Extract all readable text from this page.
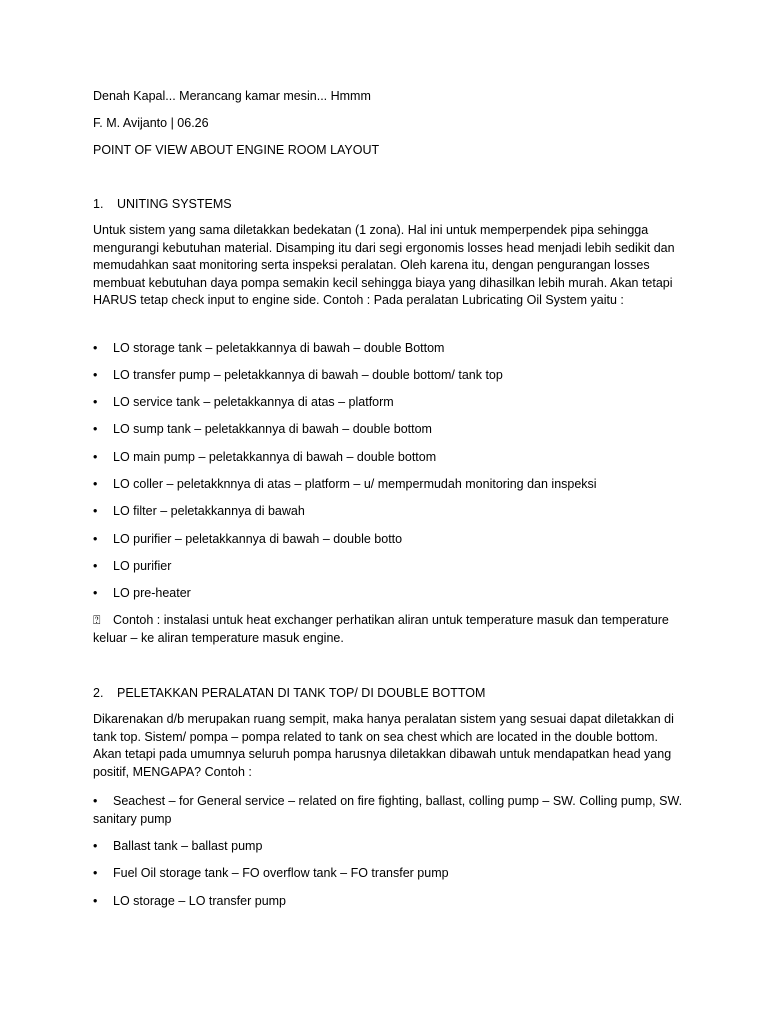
Denah Kapal... Merancang kamar mesin... Hmmm
F. M. Avijanto | 06.26
POINT OF VIEW ABOUT ENGINE ROOM LAYOUT
1. UNITING SYSTEMS
Untuk sistem yang sama diletakkan bedekatan (1 zona). Hal ini untuk memperpendek pipa sehingga mengurangi kebutuhan material. Disamping itu dari segi ergonomis losses head menjadi lebih sedikit dan memudahkan saat monitoring serta inspeksi peralatan. Oleh karena itu, dengan pengurangan losses membuat kebutuhan daya pompa semakin kecil sehingga biaya yang dihasilkan lebih murah. Akan tetapi HARUS tetap check input to engine side. Contoh : Pada peralatan Lubricating Oil System yaitu :
• LO storage tank – peletakkannya di bawah – double Bottom
• LO transfer pump – peletakkannya di bawah – double bottom/ tank top
• LO service tank – peletakkannya di atas – platform
• LO sump tank – peletakkannya di bawah – double bottom
• LO main pump – peletakkannya di bawah – double bottom
• LO coller – peletakknnya di atas – platform – u/ mempermudah monitoring dan inspeksi
• LO filter – peletakkannya di bawah
• LO purifier – peletakkannya di bawah – double botto
• LO purifier
• LO pre-heater
⍰ Contoh : instalasi untuk heat exchanger perhatikan aliran untuk temperature masuk dan temperature keluar – ke aliran temperature masuk engine.
2. PELETAKKAN PERALATAN DI TANK TOP/ DI DOUBLE BOTTOM
Dikarenakan d/b merupakan ruang sempit, maka hanya peralatan sistem yang sesuai dapat diletakkan di tank top. Sistem/ pompa – pompa related to tank on sea chest which are located in the double bottom. Akan tetapi pada umumnya seluruh pompa harusnya diletakkan dibawah untuk mendapatkan head yang positif, MENGAPA? Contoh :
• Seachest – for General service – related on fire fighting, ballast, colling pump – SW. Colling pump, SW. sanitary pump
• Ballast tank – ballast pump
• Fuel Oil storage tank – FO overflow tank – FO transfer pump
• LO storage – LO transfer pump
